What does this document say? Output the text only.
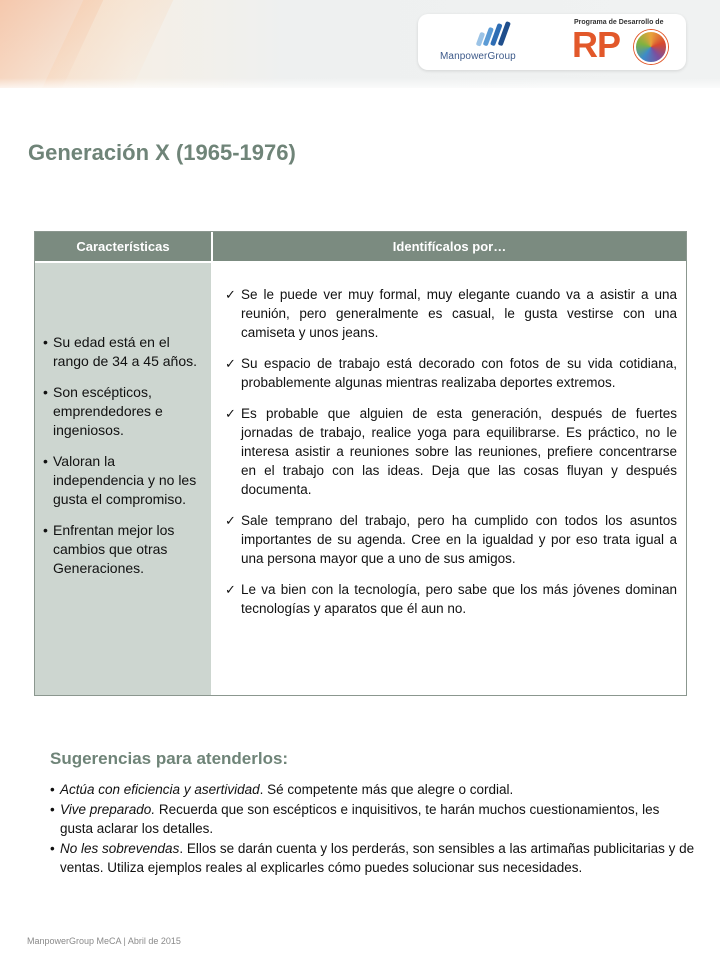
ManpowerGroup
Programa de Desarrollo de
RP
Generación X (1965-1976)
Características	Identifícalos por…
• Su edad está en el rango de 34 a 45 años.
• Son escépticos, emprendedores e ingeniosos.
• Valoran la independencia y no les gusta el compromiso.
• Enfrentan mejor los cambios que otras Generaciones.
✓ Se le puede ver muy formal, muy elegante cuando va a asistir a una reunión, pero generalmente es casual, le gusta vestirse con una camiseta y unos jeans.
✓ Su espacio de trabajo está decorado con fotos de su vida cotidiana, probablemente algunas mientras realizaba deportes extremos.
✓ Es probable que alguien de esta generación, después de fuertes jornadas de trabajo, realice yoga para equilibrarse. Es práctico, no le interesa asistir a reuniones sobre las reuniones, prefiere concentrarse en el trabajo con las ideas. Deja que las cosas fluyan y después documenta.
✓ Sale temprano del trabajo, pero ha cumplido con todos los asuntos importantes de su agenda. Cree en la igualdad y por eso trata igual a una persona mayor que a uno de sus amigos.
✓ Le va bien con la tecnología, pero sabe que los más jóvenes dominan tecnologías y aparatos que él aun no.
Sugerencias para atenderlos:
• Actúa con eficiencia y asertividad. Sé competente más que alegre o cordial.
• Vive preparado. Recuerda que son escépticos e inquisitivos, te harán muchos cuestionamientos, les gusta aclarar los detalles.
• No les sobrevendas. Ellos se darán cuenta y los perderás, son sensibles a las artimañas publicitarias y de ventas. Utiliza ejemplos reales al explicarles cómo puedes solucionar sus necesidades.
ManpowerGroup MeCA | Abril de 2015
